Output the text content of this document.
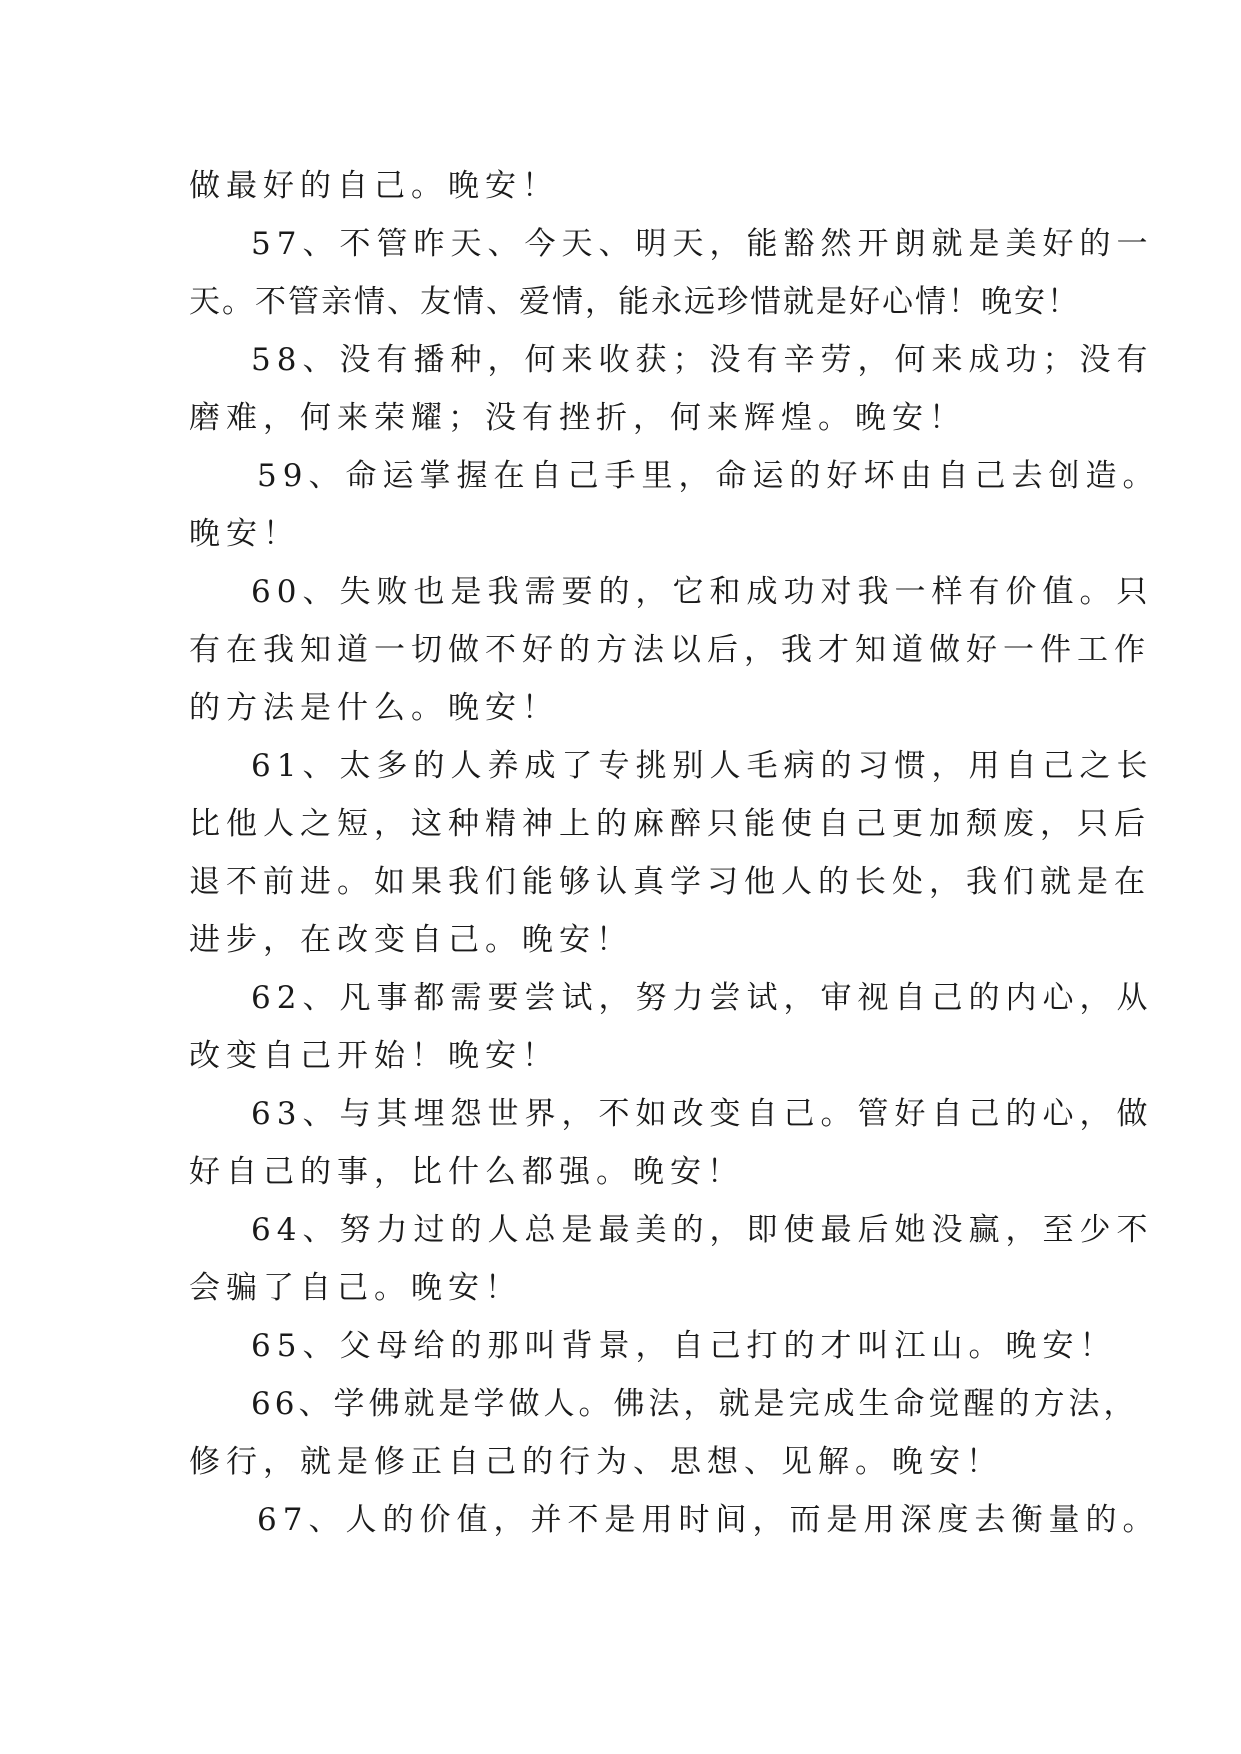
做最好的自己。晚安！
57、不管昨天、今天、明天，能豁然开朗就是美好的一
天。不管亲情、友情、爱情，能永远珍惜就是好心情！晚安！
58、没有播种，何来收获；没有辛劳，何来成功；没有
磨难，何来荣耀；没有挫折，何来辉煌。晚安！
59、命运掌握在自己手里，命运的好坏由自己去创造。
晚安！
60、失败也是我需要的，它和成功对我一样有价值。只
有在我知道一切做不好的方法以后，我才知道做好一件工作
的方法是什么。晚安！
61、太多的人养成了专挑别人毛病的习惯，用自己之长
比他人之短，这种精神上的麻醉只能使自己更加颓废，只后
退不前进。如果我们能够认真学习他人的长处，我们就是在
进步，在改变自己。晚安！
62、凡事都需要尝试，努力尝试，审视自己的内心，从
改变自己开始！晚安！
63、与其埋怨世界，不如改变自己。管好自己的心，做
好自己的事，比什么都强。晚安！
64、努力过的人总是最美的，即使最后她没赢，至少不
会骗了自己。晚安！
65、父母给的那叫背景，自己打的才叫江山。晚安！
66、学佛就是学做人。佛法，就是完成生命觉醒的方法，
修行，就是修正自己的行为、思想、见解。晚安！
67、人的价值，并不是用时间，而是用深度去衡量的。
